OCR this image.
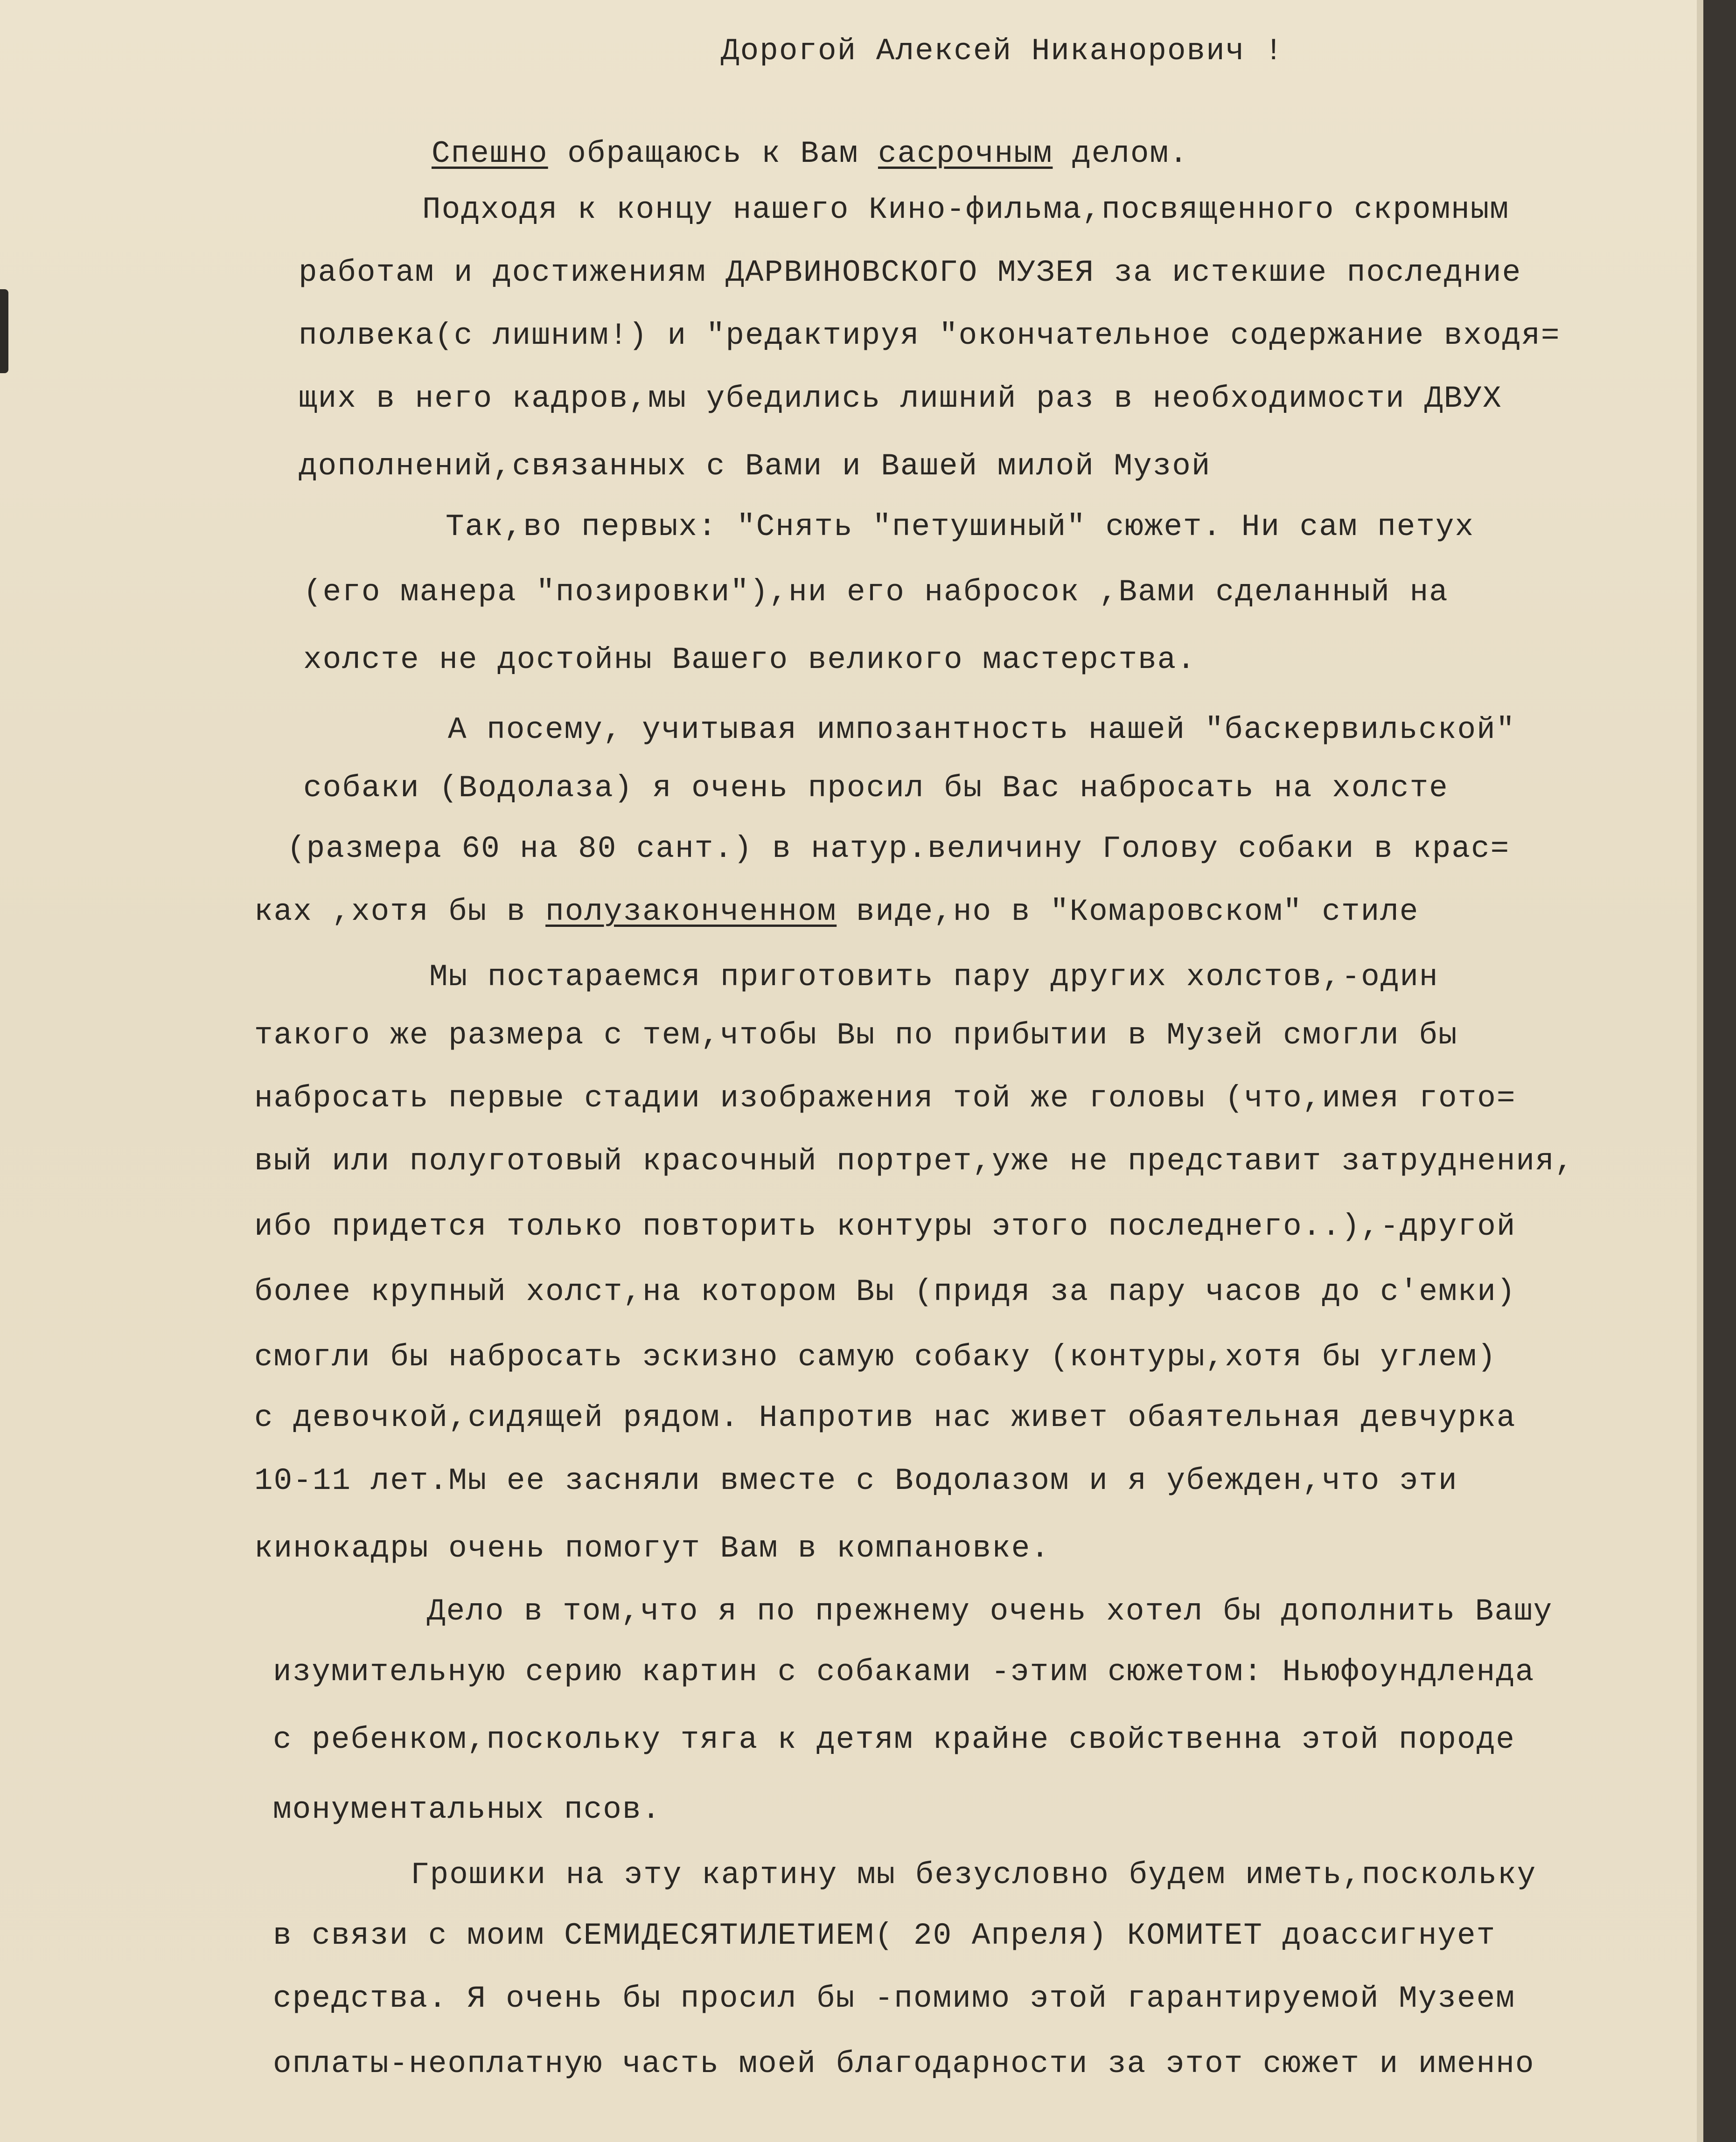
Дорогой Алексей Никанорович !
Спешно обращаюсь к Вам сасрочным делом.
Подходя к концу нашего Кино-фильма,посвященного скромным
работам и достижениям ДАРВИНОВСКОГО МУЗЕЯ за истекшие последние
полвека(с лишним!) и "редактируя "окончательное содержание входя=
щих в него кадров,мы убедились лишний раз в необходимости ДВУХ
дополнений,связанных с Вами и Вашей милой Музой
Так,во первых: "Снять "петушиный" сюжет. Ни сам петух
(его манера "позировки"),ни его набросок ,Вами сделанный на
холсте не достойны Вашего великого мастерства.
А посему, учитывая импозантность нашей "баскервильской"
собаки (Водолаза) я очень просил бы Вас набросать на холсте
(размера 60 на 80 сант.) в натур.величину Голову собаки в крас=
ках ,хотя бы в полузаконченном виде,но в "Комаровском" стиле
Мы постараемся приготовить пару других холстов,-один
такого же размера с тем,чтобы Вы по прибытии в Музей смогли бы
набросать первые стадии изображения той же головы (что,имея гото=
вый или полуготовый красочный портрет,уже не представит затруднения,
ибо придется только повторить контуры этого последнего..),-другой
более крупный холст,на котором Вы (придя за пару часов до с'емки)
смогли бы набросать эскизно самую собаку (контуры,хотя бы углем)
с девочкой,сидящей рядом. Напротив нас живет обаятельная девчурка
10-11 лет.Мы ее засняли вместе с Водолазом и я убежден,что эти
кинокадры очень помогут Вам в компановке.
Дело в том,что я по прежнему очень хотел бы дополнить Вашу
изумительную серию картин с собаками -этим сюжетом: Ньюфоундленда
с ребенком,поскольку тяга к детям крайне свойственна этой породе
монументальных псов.
Грошики на эту картину мы безусловно будем иметь,поскольку
в связи с моим СЕМИДЕСЯТИЛЕТИЕМ( 20 Апреля) КОМИТЕТ доассигнует
средства. Я очень бы просил бы -помимо этой гарантируемой Музеем
оплаты-неоплатную часть моей благодарности за этот сюжет и именно
